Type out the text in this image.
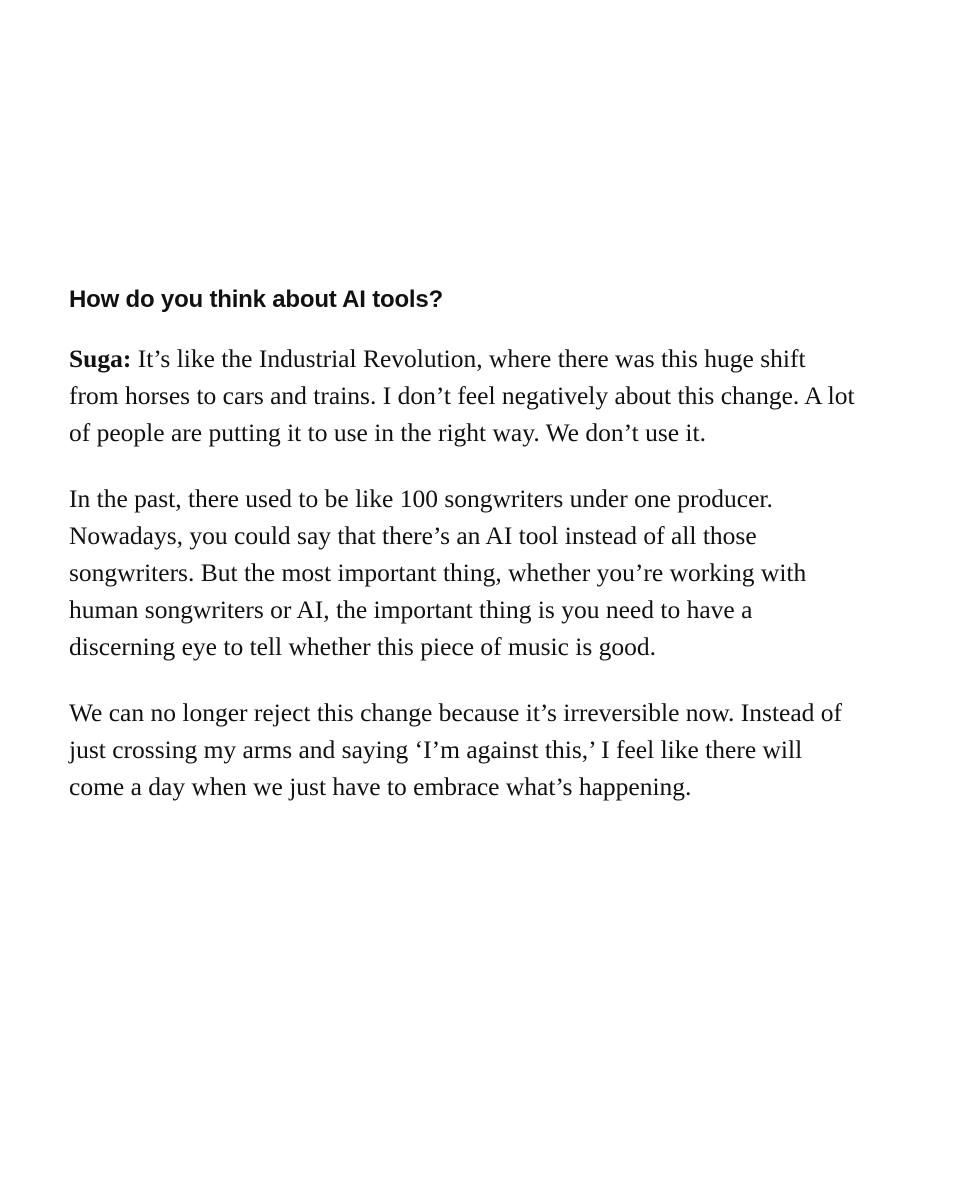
How do you think about AI tools?

Suga: It’s like the Industrial Revolution, where there was this huge shift from horses to cars and trains. I don’t feel negatively about this change. A lot of people are putting it to use in the right way. We don’t use it.

In the past, there used to be like 100 songwriters under one producer. Nowadays, you could say that there’s an AI tool instead of all those songwriters. But the most important thing, whether you’re working with human songwriters or AI, the important thing is you need to have a discerning eye to tell whether this piece of music is good.

We can no longer reject this change because it’s irreversible now. Instead of just crossing my arms and saying ‘I’m against this,’ I feel like there will come a day when we just have to embrace what’s happening.
